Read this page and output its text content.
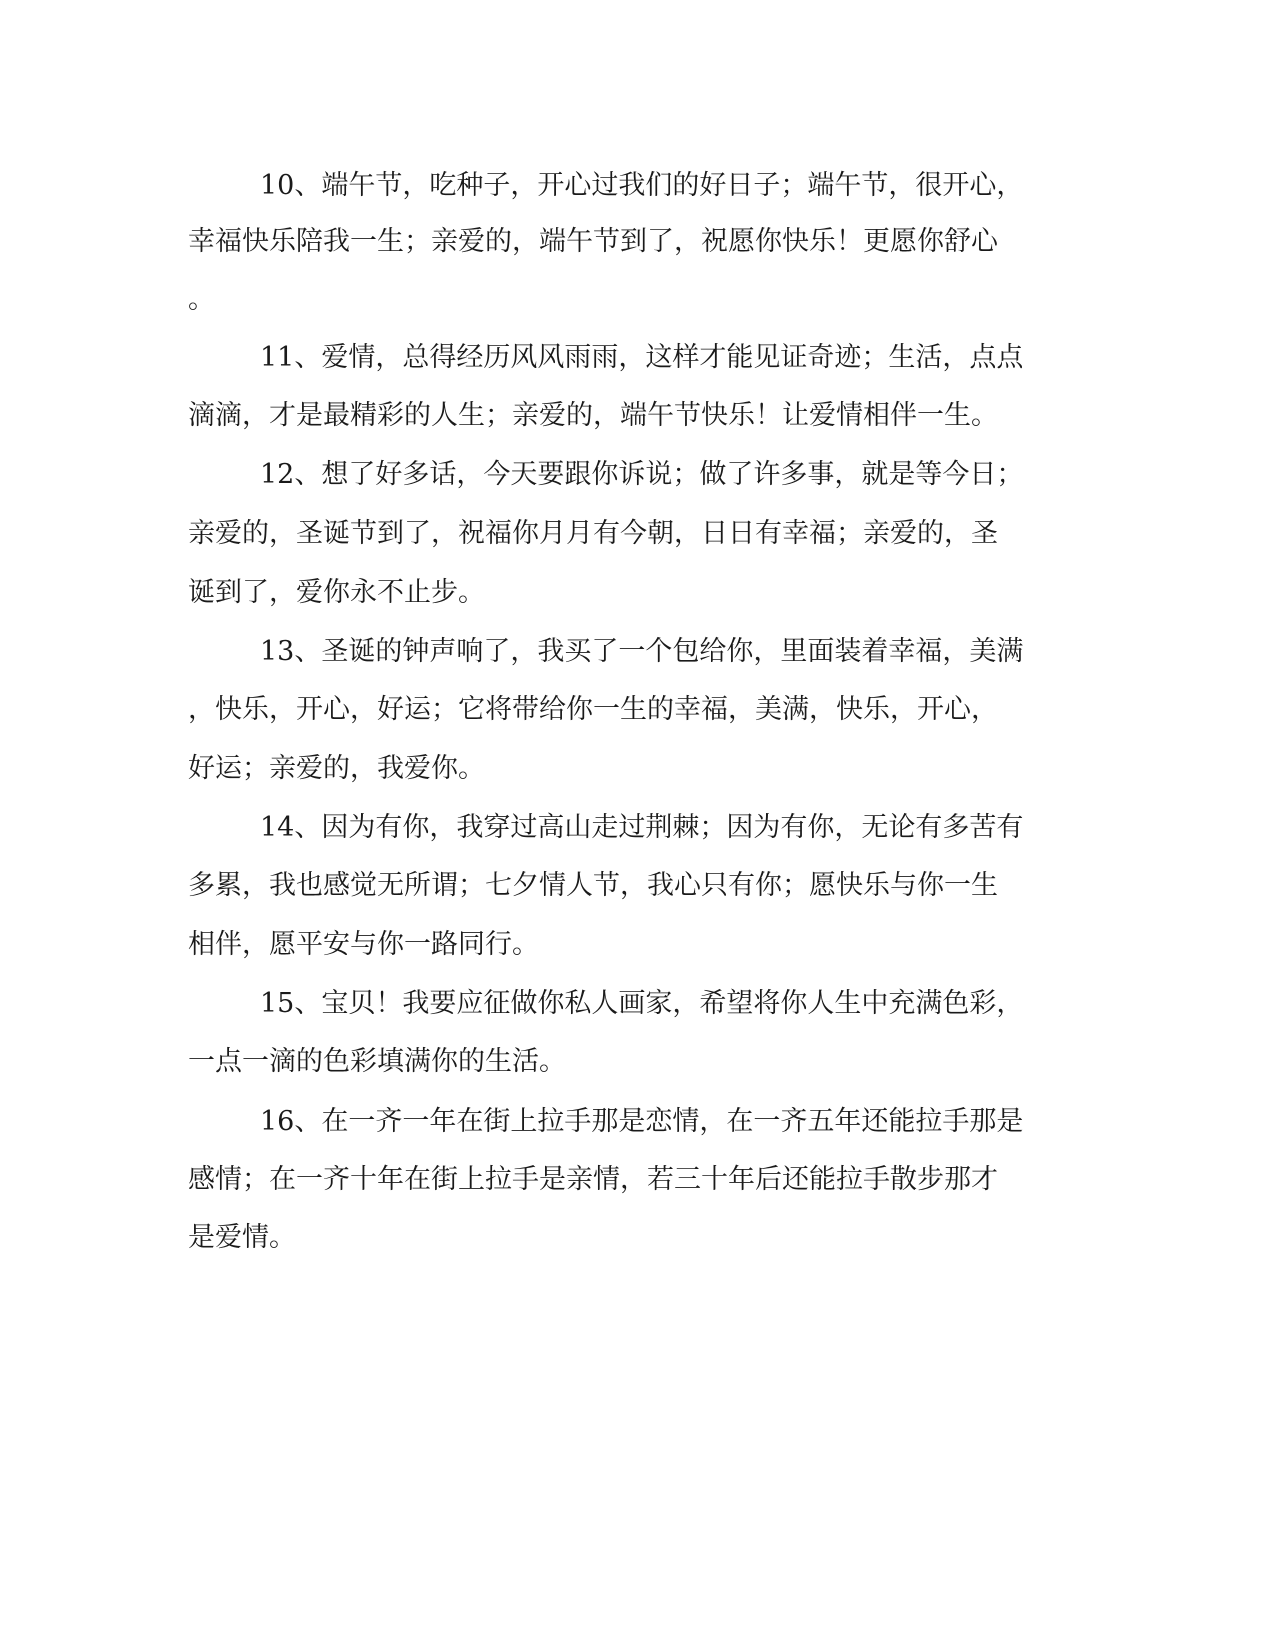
10、端午节，吃种子，开心过我们的好日子；端午节，很开心，
幸福快乐陪我一生；亲爱的，端午节到了，祝愿你快乐！更愿你舒心
。
11、爱情，总得经历风风雨雨，这样才能见证奇迹；生活，点点
滴滴，才是最精彩的人生；亲爱的，端午节快乐！让爱情相伴一生。
12、想了好多话，今天要跟你诉说；做了许多事，就是等今日；
亲爱的，圣诞节到了，祝福你月月有今朝，日日有幸福；亲爱的，圣
诞到了，爱你永不止步。
13、圣诞的钟声响了，我买了一个包给你，里面装着幸福，美满
，快乐，开心，好运；它将带给你一生的幸福，美满，快乐，开心，
好运；亲爱的，我爱你。
14、因为有你，我穿过高山走过荆棘；因为有你，无论有多苦有
多累，我也感觉无所谓；七夕情人节，我心只有你；愿快乐与你一生
相伴，愿平安与你一路同行。
15、宝贝！我要应征做你私人画家，希望将你人生中充满色彩，
一点一滴的色彩填满你的生活。
16、在一齐一年在街上拉手那是恋情，在一齐五年还能拉手那是
感情；在一齐十年在街上拉手是亲情，若三十年后还能拉手散步那才
是爱情。
